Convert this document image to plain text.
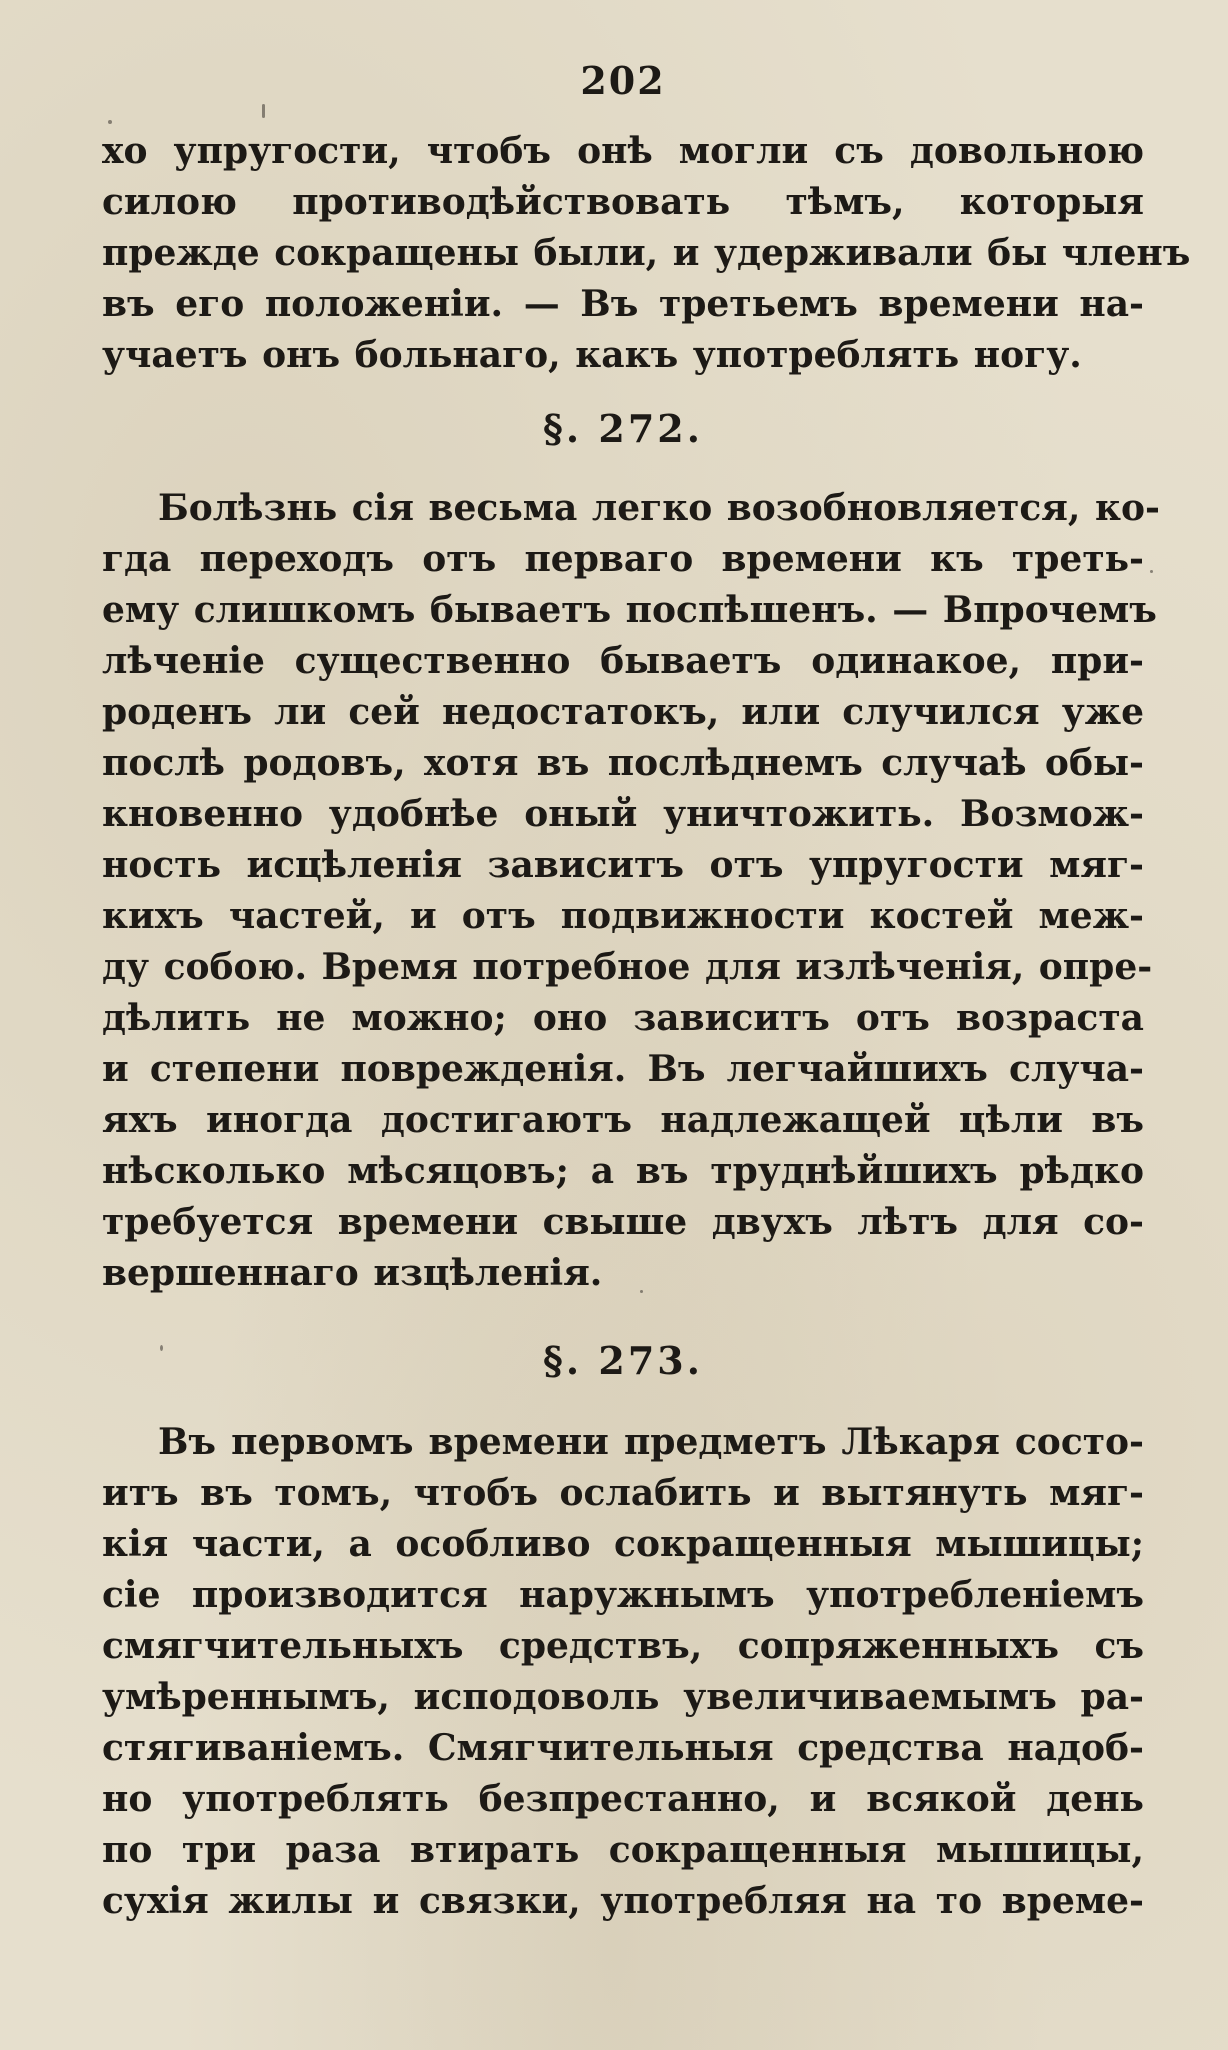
202
хо упругости, чтобъ онѣ могли съ довольною
силою противодѣйствовать тѣмъ, которыя
прежде сокращены были, и удерживали бы членъ
въ его положенiи. — Въ третьемъ времени на-
учаетъ онъ больнаго, какъ употреблять ногу.
§. 272.
Болѣзнь сiя весьма легко возобновляется, ко-
гда переходъ отъ перваго времени къ треть-
ему слишкомъ бываетъ поспѣшенъ. — Впрочемъ
лѣченiе существенно бываетъ одинакое, при-
роденъ ли сей недостатокъ, или случился уже
послѣ родовъ, хотя въ послѣднемъ случаѣ обы-
кновенно удобнѣе оный уничтожить. Возмож-
ность исцѣленiя зависитъ отъ упругости мяг-
кихъ частей, и отъ подвижности костей меж-
ду собою. Время потребное для излѣченiя, опре-
дѣлить не можно; оно зависитъ отъ возраста
и степени поврежденiя. Въ легчайшихъ случа-
яхъ иногда достигаютъ надлежащей цѣли въ
нѣсколько мѣсяцовъ; а въ труднѣйшихъ рѣдко
требуется времени свыше двухъ лѣтъ для со-
вершеннаго изцѣленiя.
§. 273.
Въ первомъ времени предметъ Лѣкаря состо-
итъ въ томъ, чтобъ ослабить и вытянуть мяг-
кiя части, а особливо сокращенныя мышицы;
сiе производится наружнымъ употребленiемъ
смягчительныхъ средствъ, сопряженныхъ съ
умѣреннымъ, исподоволь увеличиваемымъ ра-
стягиванiемъ. Смягчительныя средства надоб-
но употреблять безпрестанно, и всякой день
по три раза втирать сокращенныя мышицы,
сухiя жилы и связки, употребляя на то време-
